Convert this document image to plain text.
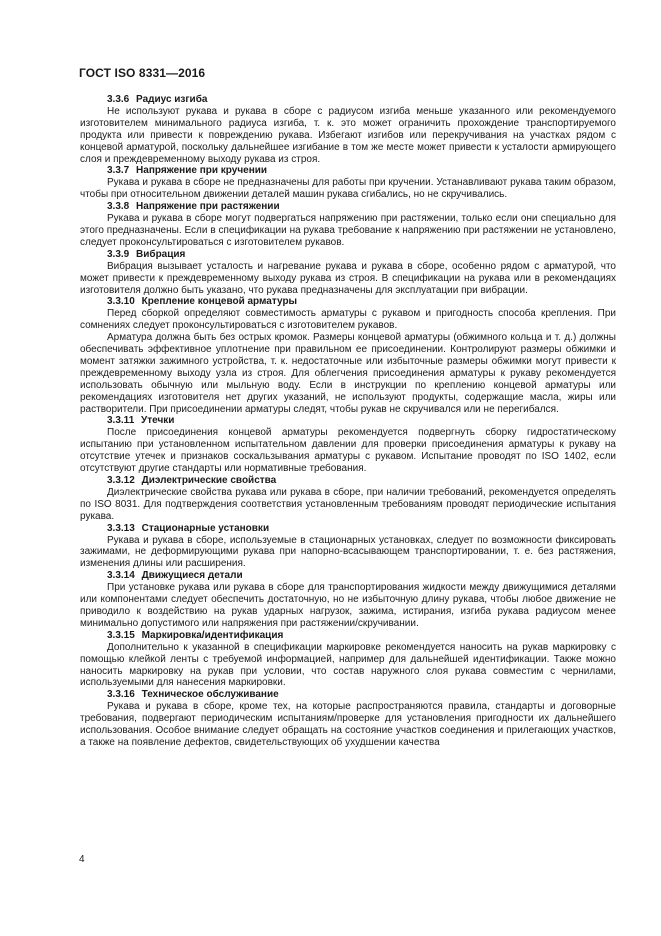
ГОСТ ISO 8331—2016

3.3.6 Радиус изгиба

Не используют рукава и рукава в сборе с радиусом изгиба меньше указанного или рекомендуемого изготовителем минимального радиуса изгиба, т. к. это может ограничить прохождение транспортируемого продукта или привести к повреждению рукава. Избегают изгибов или перекручивания на участках рядом с концевой арматурой, поскольку дальнейшее изгибание в том же месте может привести к усталости армирующего слоя и преждевременному выходу рукава из строя.

3.3.7 Напряжение при кручении

Рукава и рукава в сборе не предназначены для работы при кручении. Устанавливают рукава таким образом, чтобы при относительном движении деталей машин рукава сгибались, но не скручивались.

3.3.8 Напряжение при растяжении

Рукава и рукава в сборе могут подвергаться напряжению при растяжении, только если они специально для этого предназначены. Если в спецификации на рукава требование к напряжению при растяжении не установлено, следует проконсультироваться с изготовителем рукавов.

3.3.9 Вибрация

Вибрация вызывает усталость и нагревание рукава и рукава в сборе, особенно рядом с арматурой, что может привести к преждевременному выходу рукава из строя. В спецификации на рукава или в рекомендациях изготовителя должно быть указано, что рукава предназначены для эксплуатации при вибрации.

3.3.10 Крепление концевой арматуры

Перед сборкой определяют совместимость арматуры с рукавом и пригодность способа крепления. При сомнениях следует проконсультироваться с изготовителем рукавов.

Арматура должна быть без острых кромок. Размеры концевой арматуры (обжимного кольца и т. д.) должны обеспечивать эффективное уплотнение при правильном ее присоединении. Контролируют размеры обжимки и момент затяжки зажимного устройства, т. к. недостаточные или избыточные размеры обжимки могут привести к преждевременному выходу узла из строя. Для облегчения присоединения арматуры к рукаву рекомендуется использовать обычную или мыльную воду. Если в инструкции по креплению концевой арматуры или рекомендациях изготовителя нет других указаний, не используют продукты, содержащие масла, жиры или растворители. При присоединении арматуры следят, чтобы рукав не скручивался или не перегибался.

3.3.11 Утечки

После присоединения концевой арматуры рекомендуется подвергнуть сборку гидростатическому испытанию при установленном испытательном давлении для проверки присоединения арматуры к рукаву на отсутствие утечек и признаков соскальзывания арматуры с рукавом. Испытание проводят по ISO 1402, если отсутствуют другие стандарты или нормативные требования.

3.3.12 Диэлектрические свойства

Диэлектрические свойства рукава или рукава в сборе, при наличии требований, рекомендуется определять по ISO 8031. Для подтверждения соответствия установленным требованиям проводят периодические испытания рукава.

3.3.13 Стационарные установки

Рукава и рукава в сборе, используемые в стационарных установках, следует по возможности фиксировать зажимами, не деформирующими рукава при напорно-всасывающем транспортировании, т. е. без растяжения, изменения длины или расширения.

3.3.14 Движущиеся детали

При установке рукава или рукава в сборе для транспортирования жидкости между движущимися деталями или компонентами следует обеспечить достаточную, но не избыточную длину рукава, чтобы любое движение не приводило к воздействию на рукав ударных нагрузок, зажима, истирания, изгиба рукава радиусом менее минимально допустимого или напряжения при растяжении/скручивании.

3.3.15 Маркировка/идентификация

Дополнительно к указанной в спецификации маркировке рекомендуется наносить на рукав маркировку с помощью клейкой ленты с требуемой информацией, например для дальнейшей идентификации. Также можно наносить маркировку на рукав при условии, что состав наружного слоя рукава совместим с чернилами, используемыми для нанесения маркировки.

3.3.16 Техническое обслуживание

Рукава и рукава в сборе, кроме тех, на которые распространяются правила, стандарты и договорные требования, подвергают периодическим испытаниям/проверке для установления пригодности их дальнейшего использования. Особое внимание следует обращать на состояние участков соединения и прилегающих участков, а также на появление дефектов, свидетельствующих об ухудшении качества

4
